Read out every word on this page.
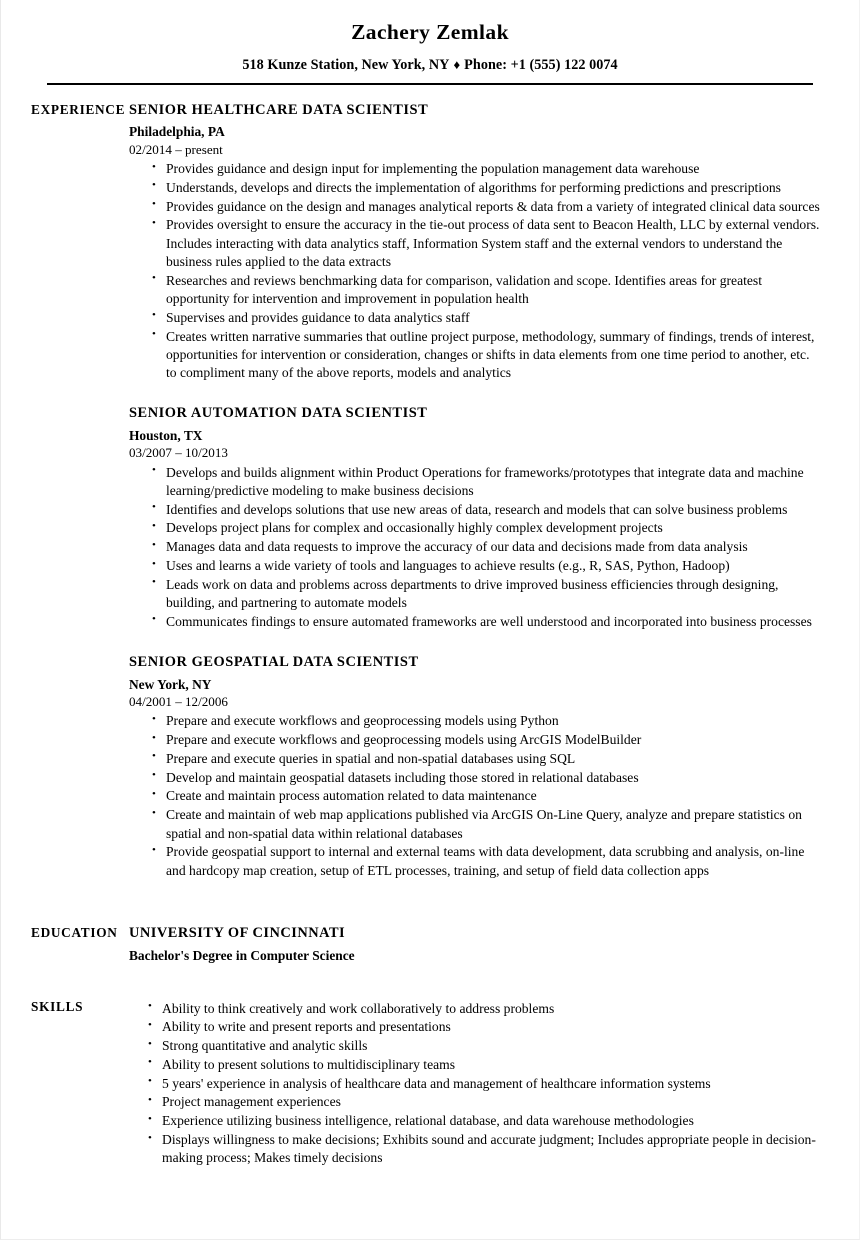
Zachery Zemlak
518 Kunze Station, New York, NY ♦ Phone: +1 (555) 122 0074
EXPERIENCE SENIOR HEALTHCARE DATA SCIENTIST
Philadelphia, PA
02/2014 – present
• Provides guidance and design input for implementing the population management data warehouse
• Understands, develops and directs the implementation of algorithms for performing predictions and prescriptions
• Provides guidance on the design and manages analytical reports & data from a variety of integrated clinical data sources
• Provides oversight to ensure the accuracy in the tie-out process of data sent to Beacon Health, LLC by external vendors. Includes interacting with data analytics staff, Information System staff and the external vendors to understand the business rules applied to the data extracts
• Researches and reviews benchmarking data for comparison, validation and scope. Identifies areas for greatest opportunity for intervention and improvement in population health
• Supervises and provides guidance to data analytics staff
• Creates written narrative summaries that outline project purpose, methodology, summary of findings, trends of interest, opportunities for intervention or consideration, changes or shifts in data elements from one time period to another, etc. to compliment many of the above reports, models and analytics
SENIOR AUTOMATION DATA SCIENTIST
Houston, TX
03/2007 – 10/2013
• Develops and builds alignment within Product Operations for frameworks/prototypes that integrate data and machine learning/predictive modeling to make business decisions
• Identifies and develops solutions that use new areas of data, research and models that can solve business problems
• Develops project plans for complex and occasionally highly complex development projects
• Manages data and data requests to improve the accuracy of our data and decisions made from data analysis
• Uses and learns a wide variety of tools and languages to achieve results (e.g., R, SAS, Python, Hadoop)
• Leads work on data and problems across departments to drive improved business efficiencies through designing, building, and partnering to automate models
• Communicates findings to ensure automated frameworks are well understood and incorporated into business processes
SENIOR GEOSPATIAL DATA SCIENTIST
New York, NY
04/2001 – 12/2006
• Prepare and execute workflows and geoprocessing models using Python
• Prepare and execute workflows and geoprocessing models using ArcGIS ModelBuilder
• Prepare and execute queries in spatial and non-spatial databases using SQL
• Develop and maintain geospatial datasets including those stored in relational databases
• Create and maintain process automation related to data maintenance
• Create and maintain of web map applications published via ArcGIS On-Line Query, analyze and prepare statistics on spatial and non-spatial data within relational databases
• Provide geospatial support to internal and external teams with data development, data scrubbing and analysis, on-line and hardcopy map creation, setup of ETL processes, training, and setup of field data collection apps
EDUCATION UNIVERSITY OF CINCINNATI
Bachelor's Degree in Computer Science
SKILLS	• Ability to think creatively and work collaboratively to address problems
• Ability to write and present reports and presentations
• Strong quantitative and analytic skills
• Ability to present solutions to multidisciplinary teams
• 5 years' experience in analysis of healthcare data and management of healthcare information systems
• Project management experiences
• Experience utilizing business intelligence, relational database, and data warehouse methodologies
• Displays willingness to make decisions; Exhibits sound and accurate judgment; Includes appropriate people in decision-making process; Makes timely decisions
